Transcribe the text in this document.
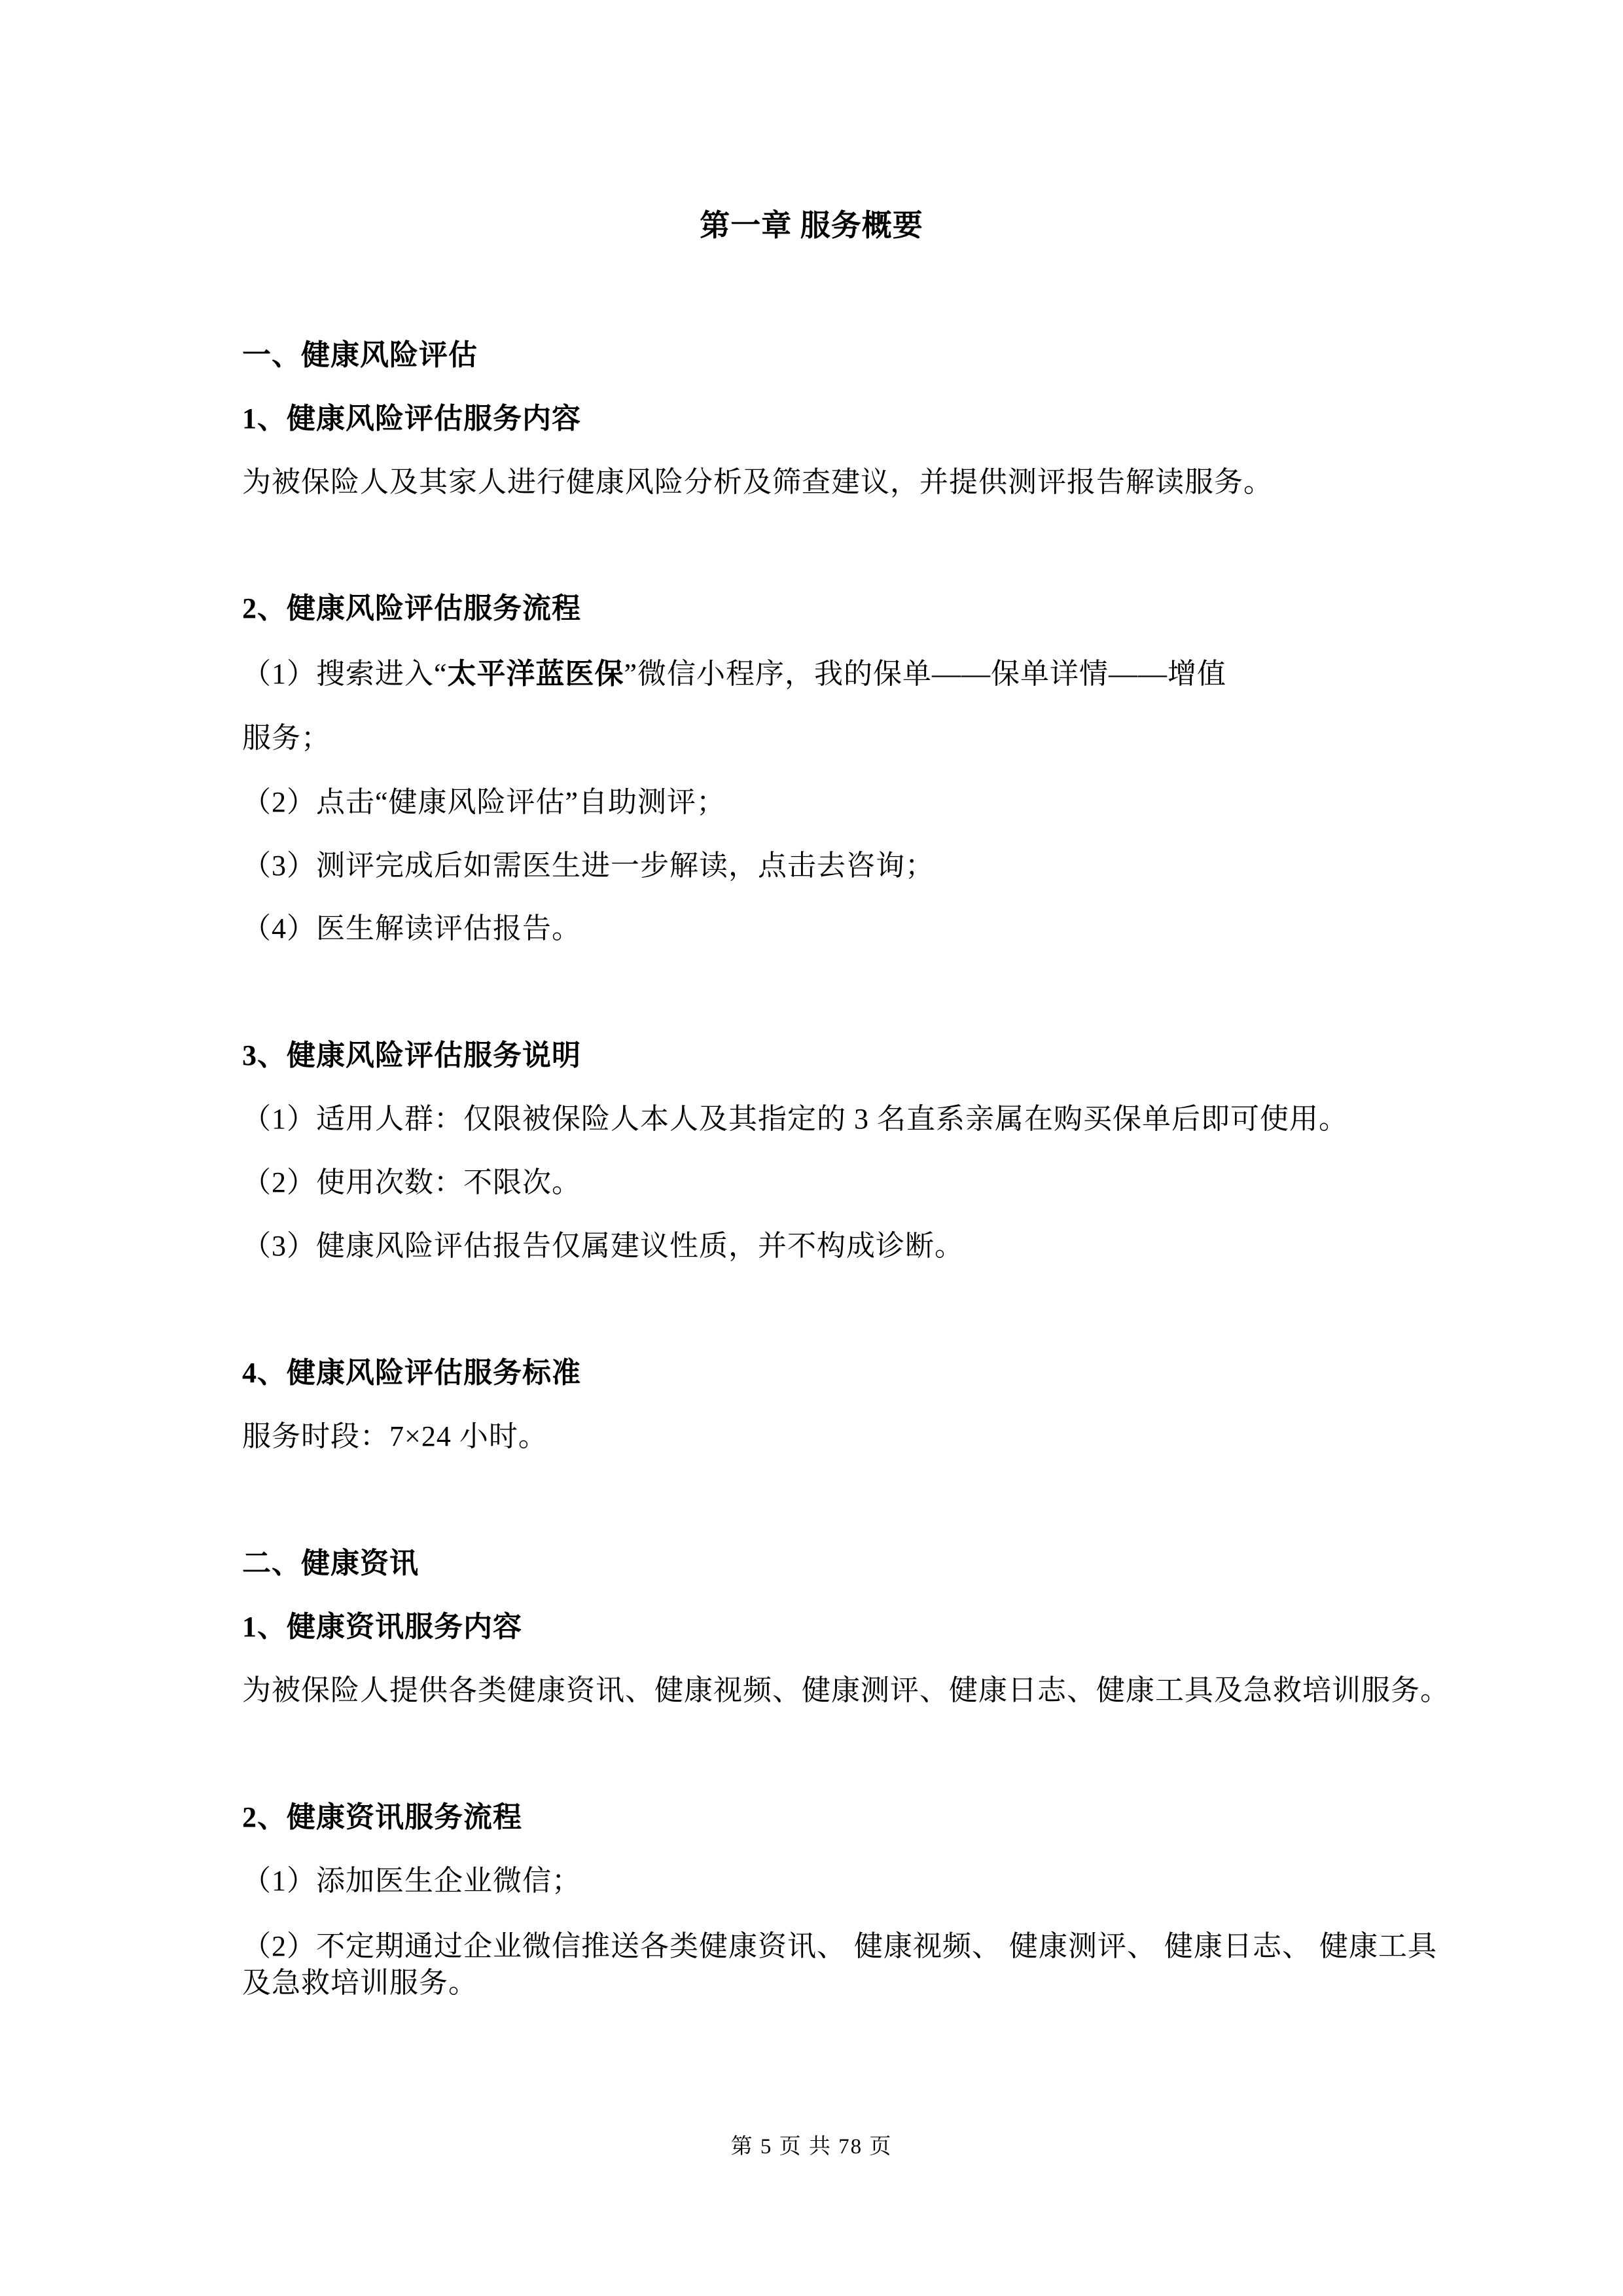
第一章 服务概要
一、健康风险评估
1、健康风险评估服务内容
为被保险人及其家人进行健康风险分析及筛查建议，并提供测评报告解读服务。
2、健康风险评估服务流程
（1）搜索进入“太平洋蓝医保”微信小程序，我的保单——保单详情——增值
服务；
（2）点击“健康风险评估”自助测评；
（3）测评完成后如需医生进一步解读，点击去咨询；
（4）医生解读评估报告。
3、健康风险评估服务说明
（1）适用人群：仅限被保险人本人及其指定的 3 名直系亲属在购买保单后即可使用。
（2）使用次数：不限次。
（3）健康风险评估报告仅属建议性质，并不构成诊断。
4、健康风险评估服务标准
服务时段：7×24 小时。
二、健康资讯
1、健康资讯服务内容
为被保险人提供各类健康资讯、健康视频、健康测评、健康日志、健康工具及急救培训服务。
2、健康资讯服务流程
（1）添加医生企业微信；
（2）不定期通过企业微信推送各类健康资讯、 健康视频、 健康测评、 健康日志、 健康工具
及急救培训服务。
第 5 页 共 78 页
